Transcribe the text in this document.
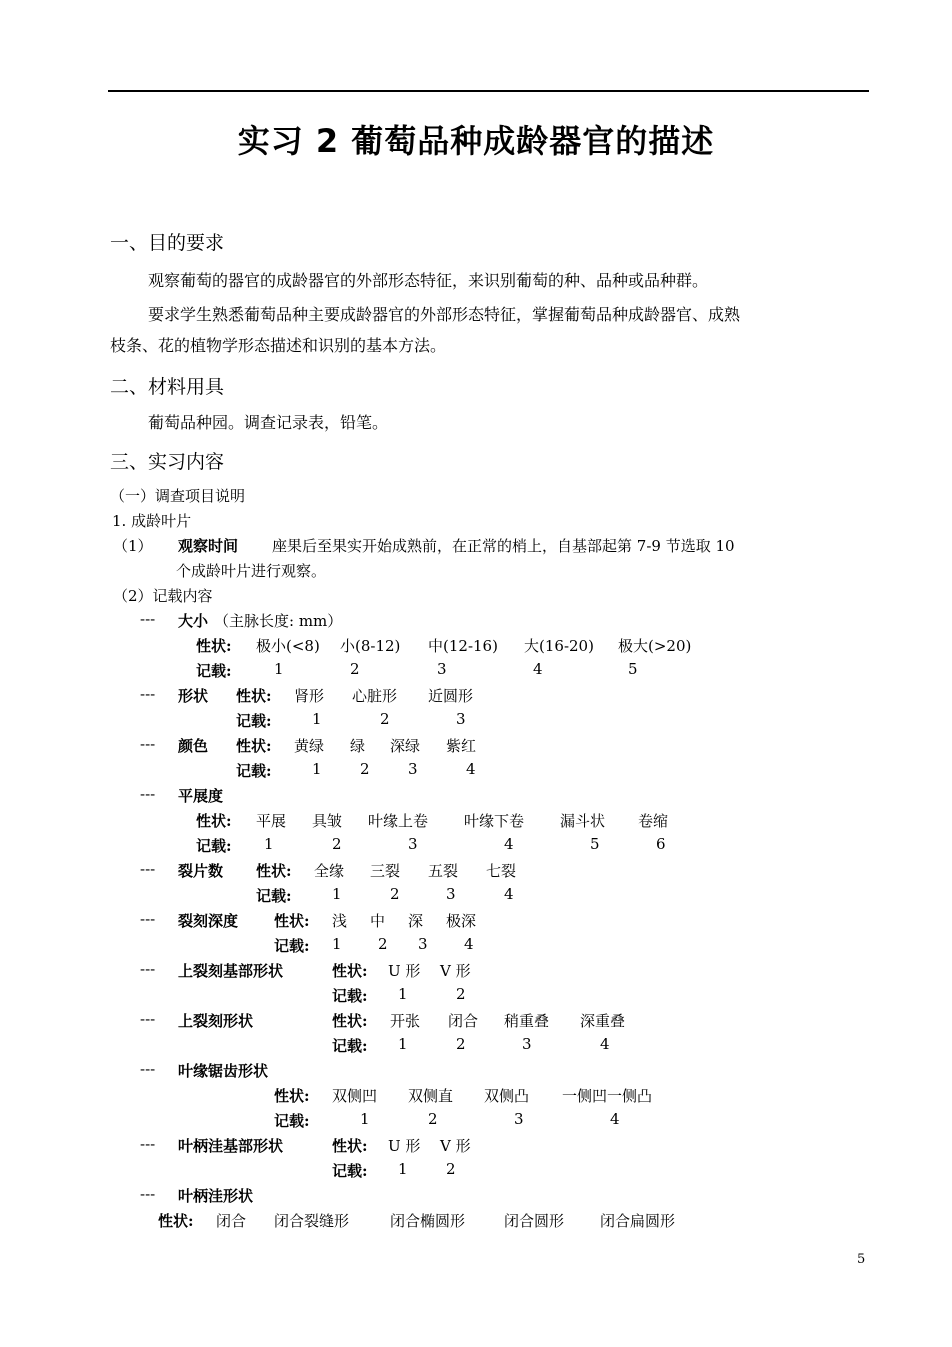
实习 2 葡萄品种成龄器官的描述
一、目的要求
观察葡萄的器官的成龄器官的外部形态特征，来识别葡萄的种、品种或品种群。
要求学生熟悉葡萄品种主要成龄器官的外部形态特征，掌握葡萄品种成龄器官、成熟
枝条、花的植物学形态描述和识别的基本方法。
二、材料用具
葡萄品种园。调查记录表，铅笔。
三、实习内容
（一）调查项目说明
1. 成龄叶片
（1） 观察时间 座果后至果实开始成熟前，在正常的梢上，自基部起第 7-9 节选取 10
个成龄叶片进行观察。
（2）记载内容
--- 大小 （主脉长度: mm）
性状: 极小(<8) 小(8-12) 中(12-16) 大(16-20) 极大(>20)
记载:	1	2	3	4	5
--- 形状 性状: 肾形 心脏形 近圆形
记载:	1	2	3
--- 颜色 性状: 黄绿 绿 深绿 紫红
记载:	1	2	3	4
--- 平展度
性状: 平展 具皱 叶缘上卷 叶缘下卷 漏斗状 卷缩
记载: 1	2	3	4	5	6
--- 裂片数 性状: 全缘 三裂 五裂 七裂
记载:	1	2	3	4
--- 裂刻深度 性状: 浅 中 深 极深
记载: 1 2 3 4
--- 上裂刻基部形状	性状: U 形 V 形
记载: 1	2
--- 上裂刻形状	性状: 开张 闭合 稍重叠 深重叠
记载: 1	2	3	4
--- 叶缘锯齿形状
性状: 双侧凹 双侧直 双侧凸 一侧凹一侧凸
记载:	1	2	3	4
--- 叶柄洼基部形状	性状: U 形 V 形
记载: 1	2
--- 叶柄洼形状
性状: 闭合 闭合裂缝形	闭合椭圆形	闭合圆形 闭合扁圆形
5
